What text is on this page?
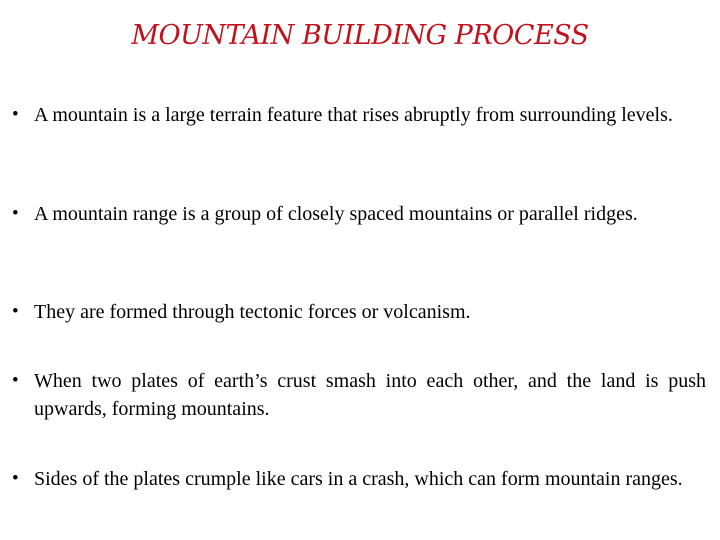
MOUNTAIN BUILDING PROCESS
• A mountain is a large terrain feature that rises abruptly from surrounding levels.
• A mountain range is a group of closely spaced mountains or parallel ridges.
• They are formed through tectonic forces or volcanism.
• When two plates of earth’s crust smash into each other, and the land is push upwards, forming mountains.
• Sides of the plates crumple like cars in a crash, which can form mountain ranges.
